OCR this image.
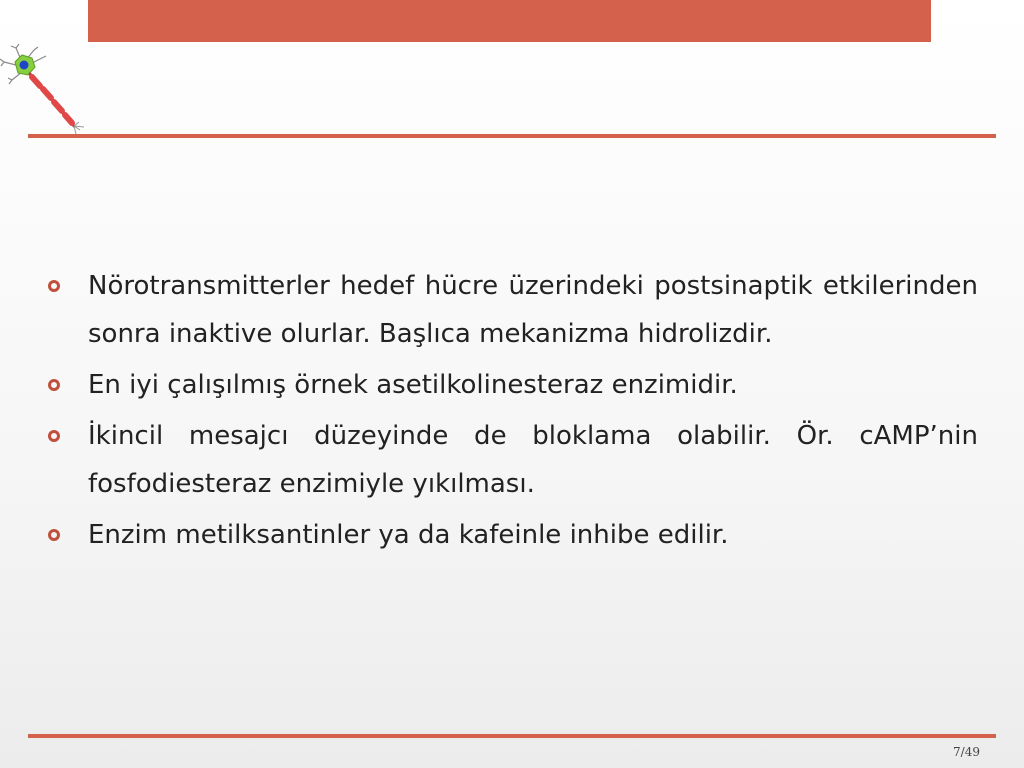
Nörotransmitterler hedef hücre üzerindeki postsinaptik etkilerinden sonra inaktive olurlar. Başlıca mekanizma hidrolizdir.
En iyi çalışılmış örnek asetilkolinesteraz enzimidir.
İkincil mesajcı düzeyinde de bloklama olabilir. Ör. cAMP’nin fosfodiesteraz enzimiyle yıkılması.
Enzim metilksantinler ya da kafeinle inhibe edilir.
7/49
